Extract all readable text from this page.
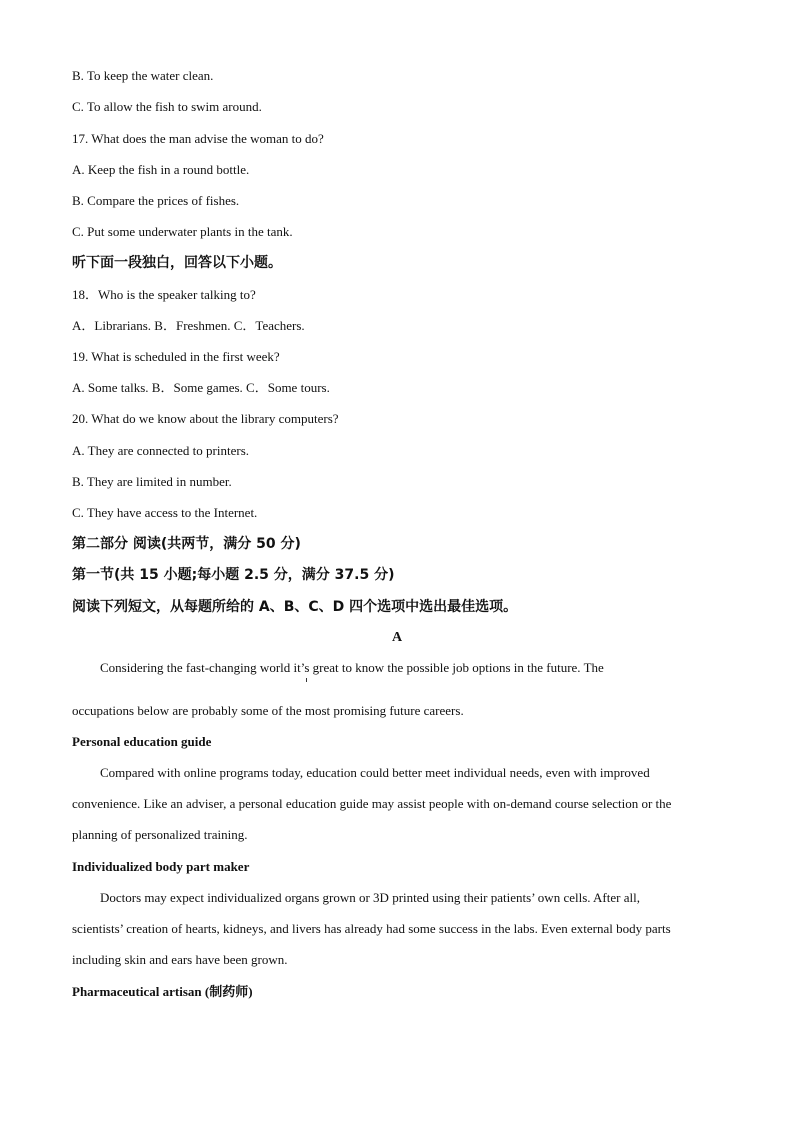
B. To keep the water clean.
C. To allow the fish to swim around.
17. What does the man advise the woman to do?
A. Keep the fish in a round bottle.
B. Compare the prices of fishes.
C. Put some underwater plants in the tank.
听下面一段独白，回答以下小题。
18．Who is the speaker talking to?
A．Librarians. B．Freshmen. C．Teachers.
19. What is scheduled in the first week?
A. Some talks. B．Some games. C．Some tours.
20. What do we know about the library computers?
A. They are connected to printers.
B. They are limited in number.
C. They have access to the Internet.
第二部分 阅读(共两节，满分 50 分)
第一节(共 15 小题;每小题 2.5 分，满分 37.5 分)
阅读下列短文，从每题所给的 A、B、C、D 四个选项中选出最佳选项。
A
Considering the fast-changing world it’s great to know the possible job options in the future. The
occupations below are probably some of the most promising future careers.
Personal education guide
Compared with online programs today, education could better meet individual needs, even with improved
convenience. Like an adviser, a personal education guide may assist people with on-demand course selection or the
planning of personalized training.
Individualized body part maker
Doctors may expect individualized organs grown or 3D printed using their patients’ own cells. After all,
scientists’ creation of hearts, kidneys, and livers has already had some success in the labs. Even external body parts
including skin and ears have been grown.
Pharmaceutical artisan (制药师)
